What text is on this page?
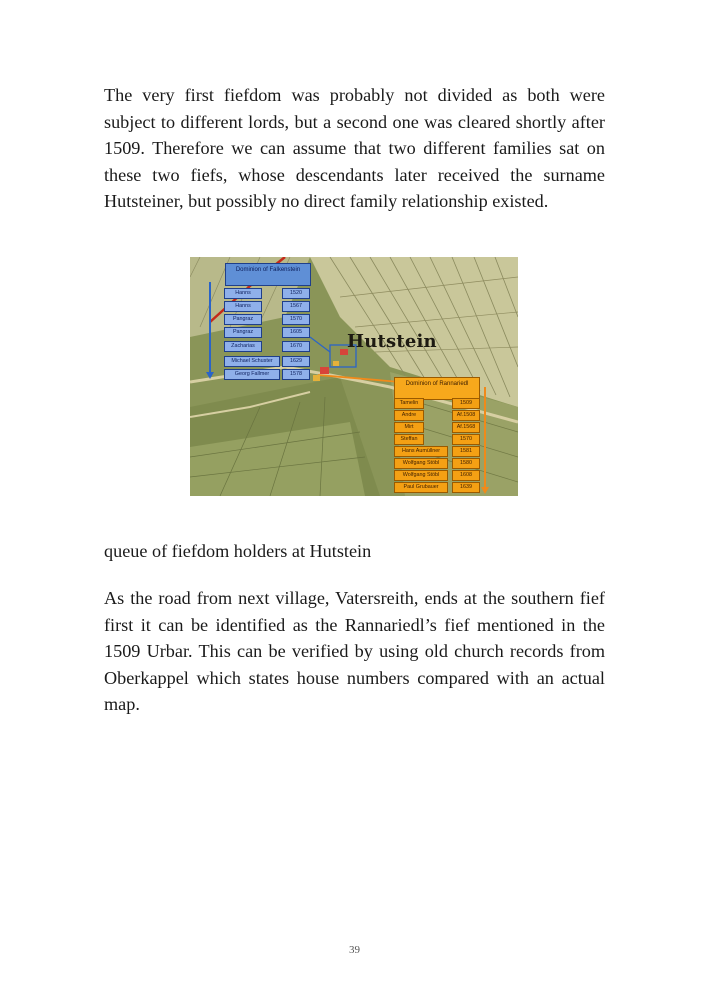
The very first fiefdom was probably not divided as both were subject to different lords, but a second one was cleared shortly after 1509. Therefore we can assume that two different families sat on these two fiefs, whose descendants later received the surname Hutsteiner, but possibly no direct family relationship existed.

Hutstein
Dominion of Falkenstein
Hanns	1520
Hanns	1567
Pangraz	1570
Pangraz	1605
Zacharias	1670
Michael Schuster	1629
Georg Fallmer	1578
Dominion of Rannariedl
Tamelin	1509
Andre	Af.1508
Mirt	Af.1568
Steffan	1570
Hans Aumüllner	1581
Wolfgang Stöbl	1580
Wolfgang Stöbl	1608
Paul Grubauer	1639

queue of fiefdom holders at Hutstein

As the road from next village, Vatersreith, ends at the southern fief first it can be identified as the Rannariedl’s fief mentioned in the 1509 Urbar. This can be verified by using old church records from Oberkappel which states house numbers compared with an actual map.

39
